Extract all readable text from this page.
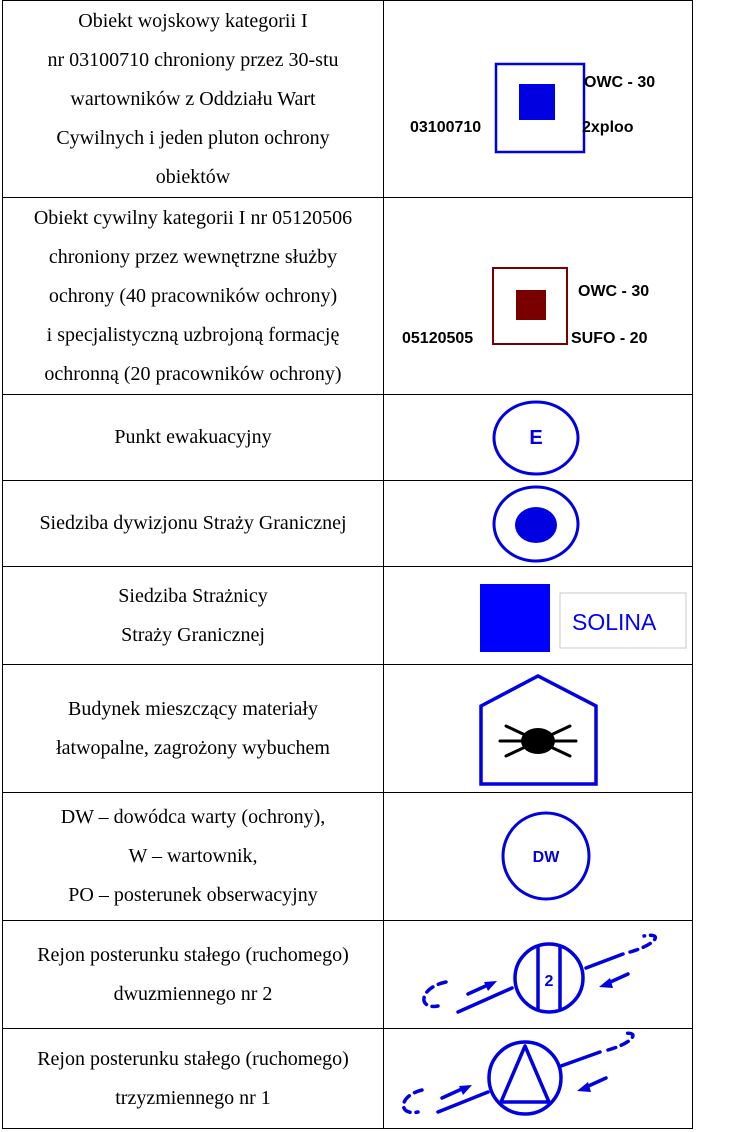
Obiekt wojskowy kategorii I
nr 03100710 chroniony przez 30-stu
wartowników z Oddziału Wart
Cywilnych i jeden pluton ochrony
obiektów	03100710
OWC - 30
2xploo

Obiekt cywilny kategorii I nr 05120506
chroniony przez wewnętrzne służby
ochrony (40 pracowników ochrony)
i specjalistyczną uzbrojoną formację
ochronną (20 pracowników ochrony)	05120505
OWC - 30
SUFO - 20

Punkt ewakuacyjny	E

Siedziba dywizjonu Straży Granicznej

Siedziba Strażnicy
Straży Granicznej	SOLINA

Budynek mieszczący materiały
łatwopalne, zagrożony wybuchem

DW – dowódca warty (ochrony),
W – wartownik,
PO – posterunek obserwacyjny	DW

Rejon posterunku stałego (ruchomego)
dwuzmiennego nr 2	2

Rejon posterunku stałego (ruchomego)
trzyzmiennego nr 1
